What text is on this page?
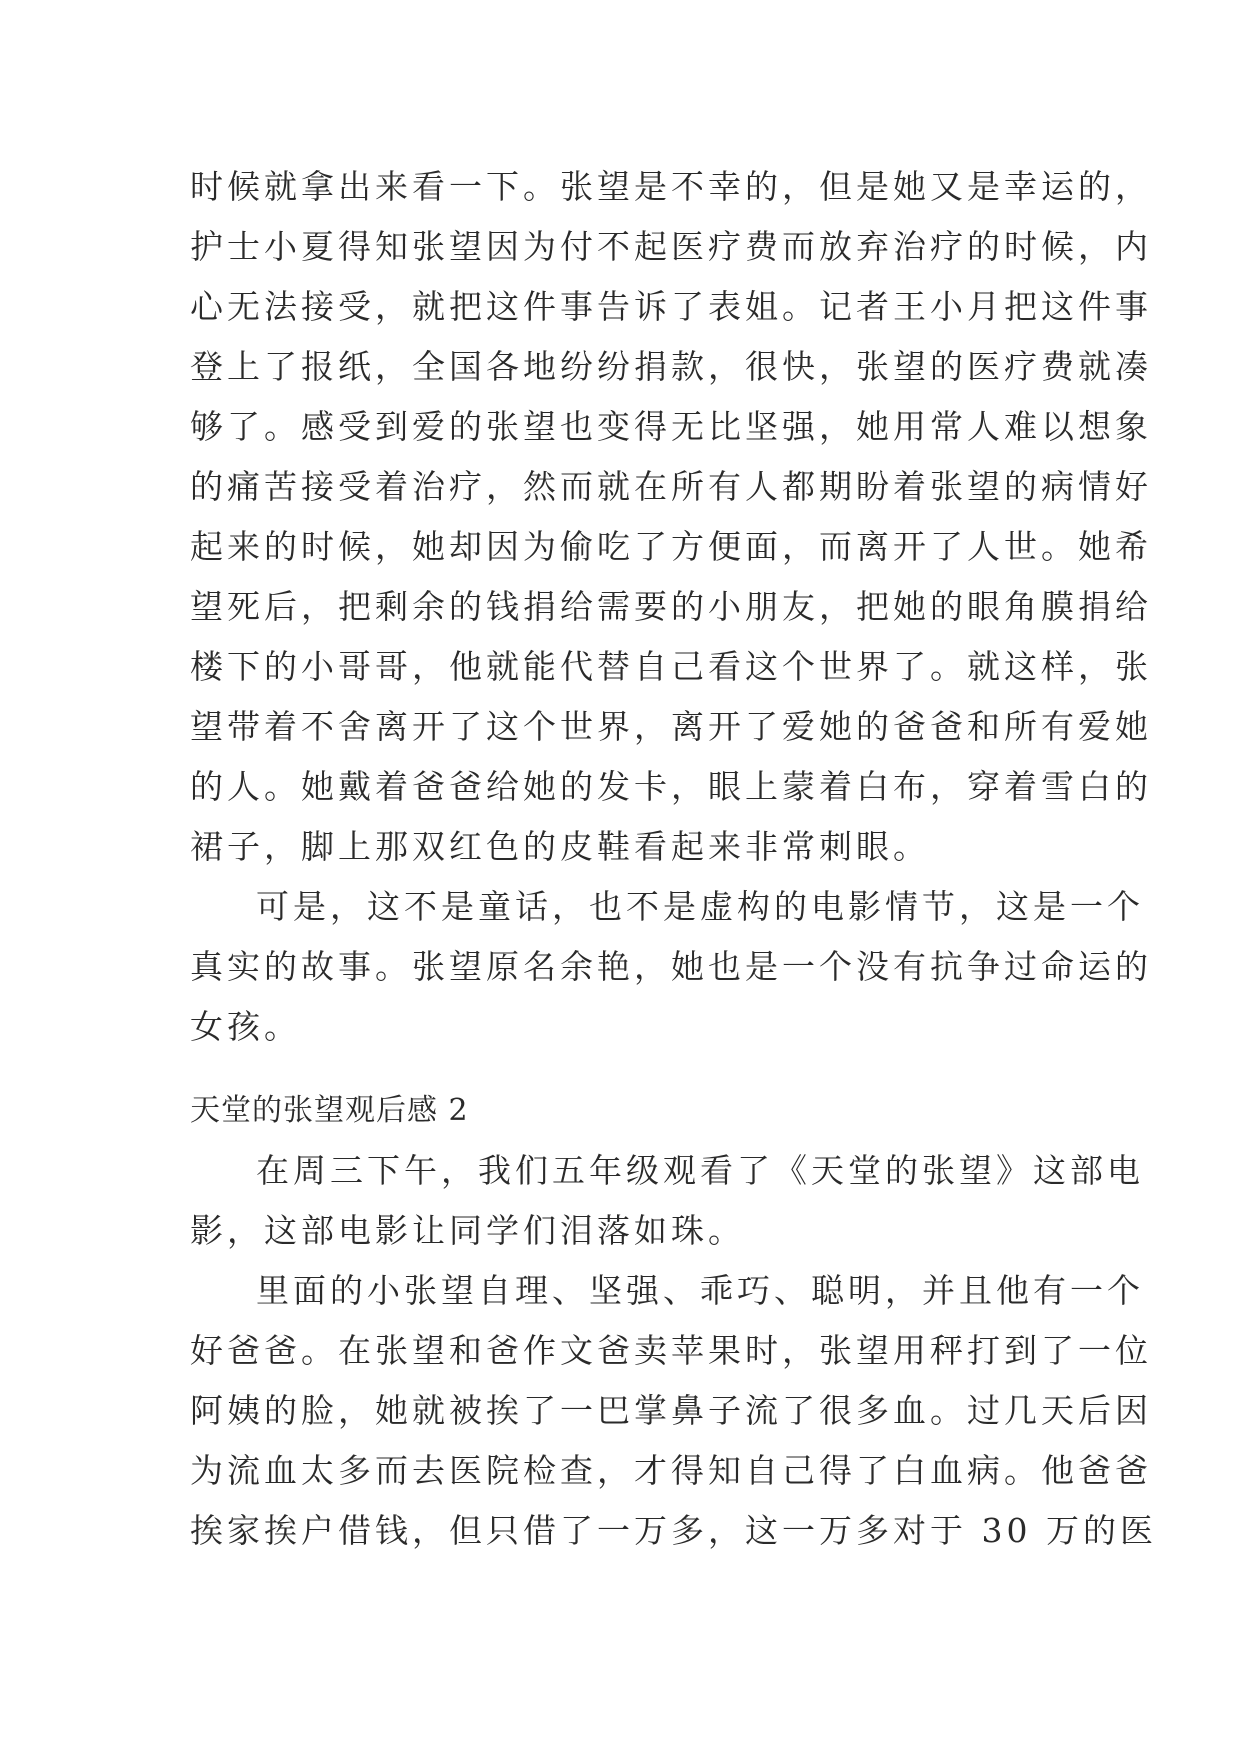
时候就拿出来看一下。张望是不幸的，但是她又是幸运的，
护士小夏得知张望因为付不起医疗费而放弃治疗的时候，内
心无法接受，就把这件事告诉了表姐。记者王小月把这件事
登上了报纸，全国各地纷纷捐款，很快，张望的医疗费就凑
够了。感受到爱的张望也变得无比坚强，她用常人难以想象
的痛苦接受着治疗，然而就在所有人都期盼着张望的病情好
起来的时候，她却因为偷吃了方便面，而离开了人世。她希
望死后，把剩余的钱捐给需要的小朋友，把她的眼角膜捐给
楼下的小哥哥，他就能代替自己看这个世界了。就这样，张
望带着不舍离开了这个世界，离开了爱她的爸爸和所有爱她
的人。她戴着爸爸给她的发卡，眼上蒙着白布，穿着雪白的
裙子，脚上那双红色的皮鞋看起来非常刺眼。
可是，这不是童话，也不是虚构的电影情节，这是一个
真实的故事。张望原名余艳，她也是一个没有抗争过命运的
女孩。
天堂的张望观后感 2
在周三下午，我们五年级观看了《天堂的张望》这部电
影，这部电影让同学们泪落如珠。
里面的小张望自理、坚强、乖巧、聪明，并且他有一个
好爸爸。在张望和爸作文爸卖苹果时，张望用秤打到了一位
阿姨的脸，她就被挨了一巴掌鼻子流了很多血。过几天后因
为流血太多而去医院检查，才得知自己得了白血病。他爸爸
挨家挨户借钱，但只借了一万多，这一万多对于 30 万的医
